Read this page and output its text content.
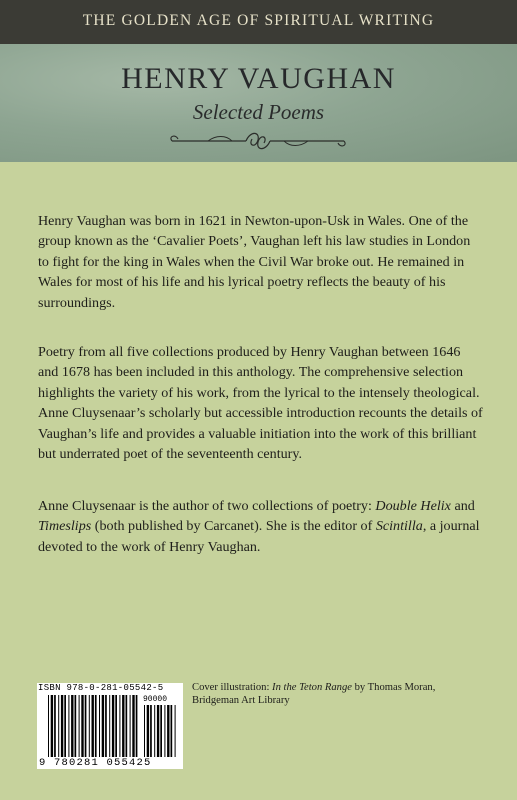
THE GOLDEN AGE OF SPIRITUAL WRITING
HENRY VAUGHAN
Selected Poems
Henry Vaughan was born in 1621 in Newton-upon-Usk in Wales. One of the group known as the ‘Cavalier Poets’, Vaughan left his law studies in London to fight for the king in Wales when the Civil War broke out. He remained in Wales for most of his life and his lyrical poetry reflects the beauty of his surroundings.
Poetry from all five collections produced by Henry Vaughan between 1646 and 1678 has been included in this anthology. The comprehensive selection highlights the variety of his work, from the lyrical to the intensely theological. Anne Cluysenaar’s scholarly but accessible introduction recounts the details of Vaughan’s life and provides a valuable initiation into the work of this brilliant but underrated poet of the seventeenth century.
Anne Cluysenaar is the author of two collections of poetry: Double Helix and Timeslips (both published by Carcanet). She is the editor of Scintilla, a journal devoted to the work of Henry Vaughan.
ISBN 978-0-281-05542-5
90000
9 780281 055425
Cover illustration: In the Teton Range by Thomas Moran, Bridgeman Art Library
